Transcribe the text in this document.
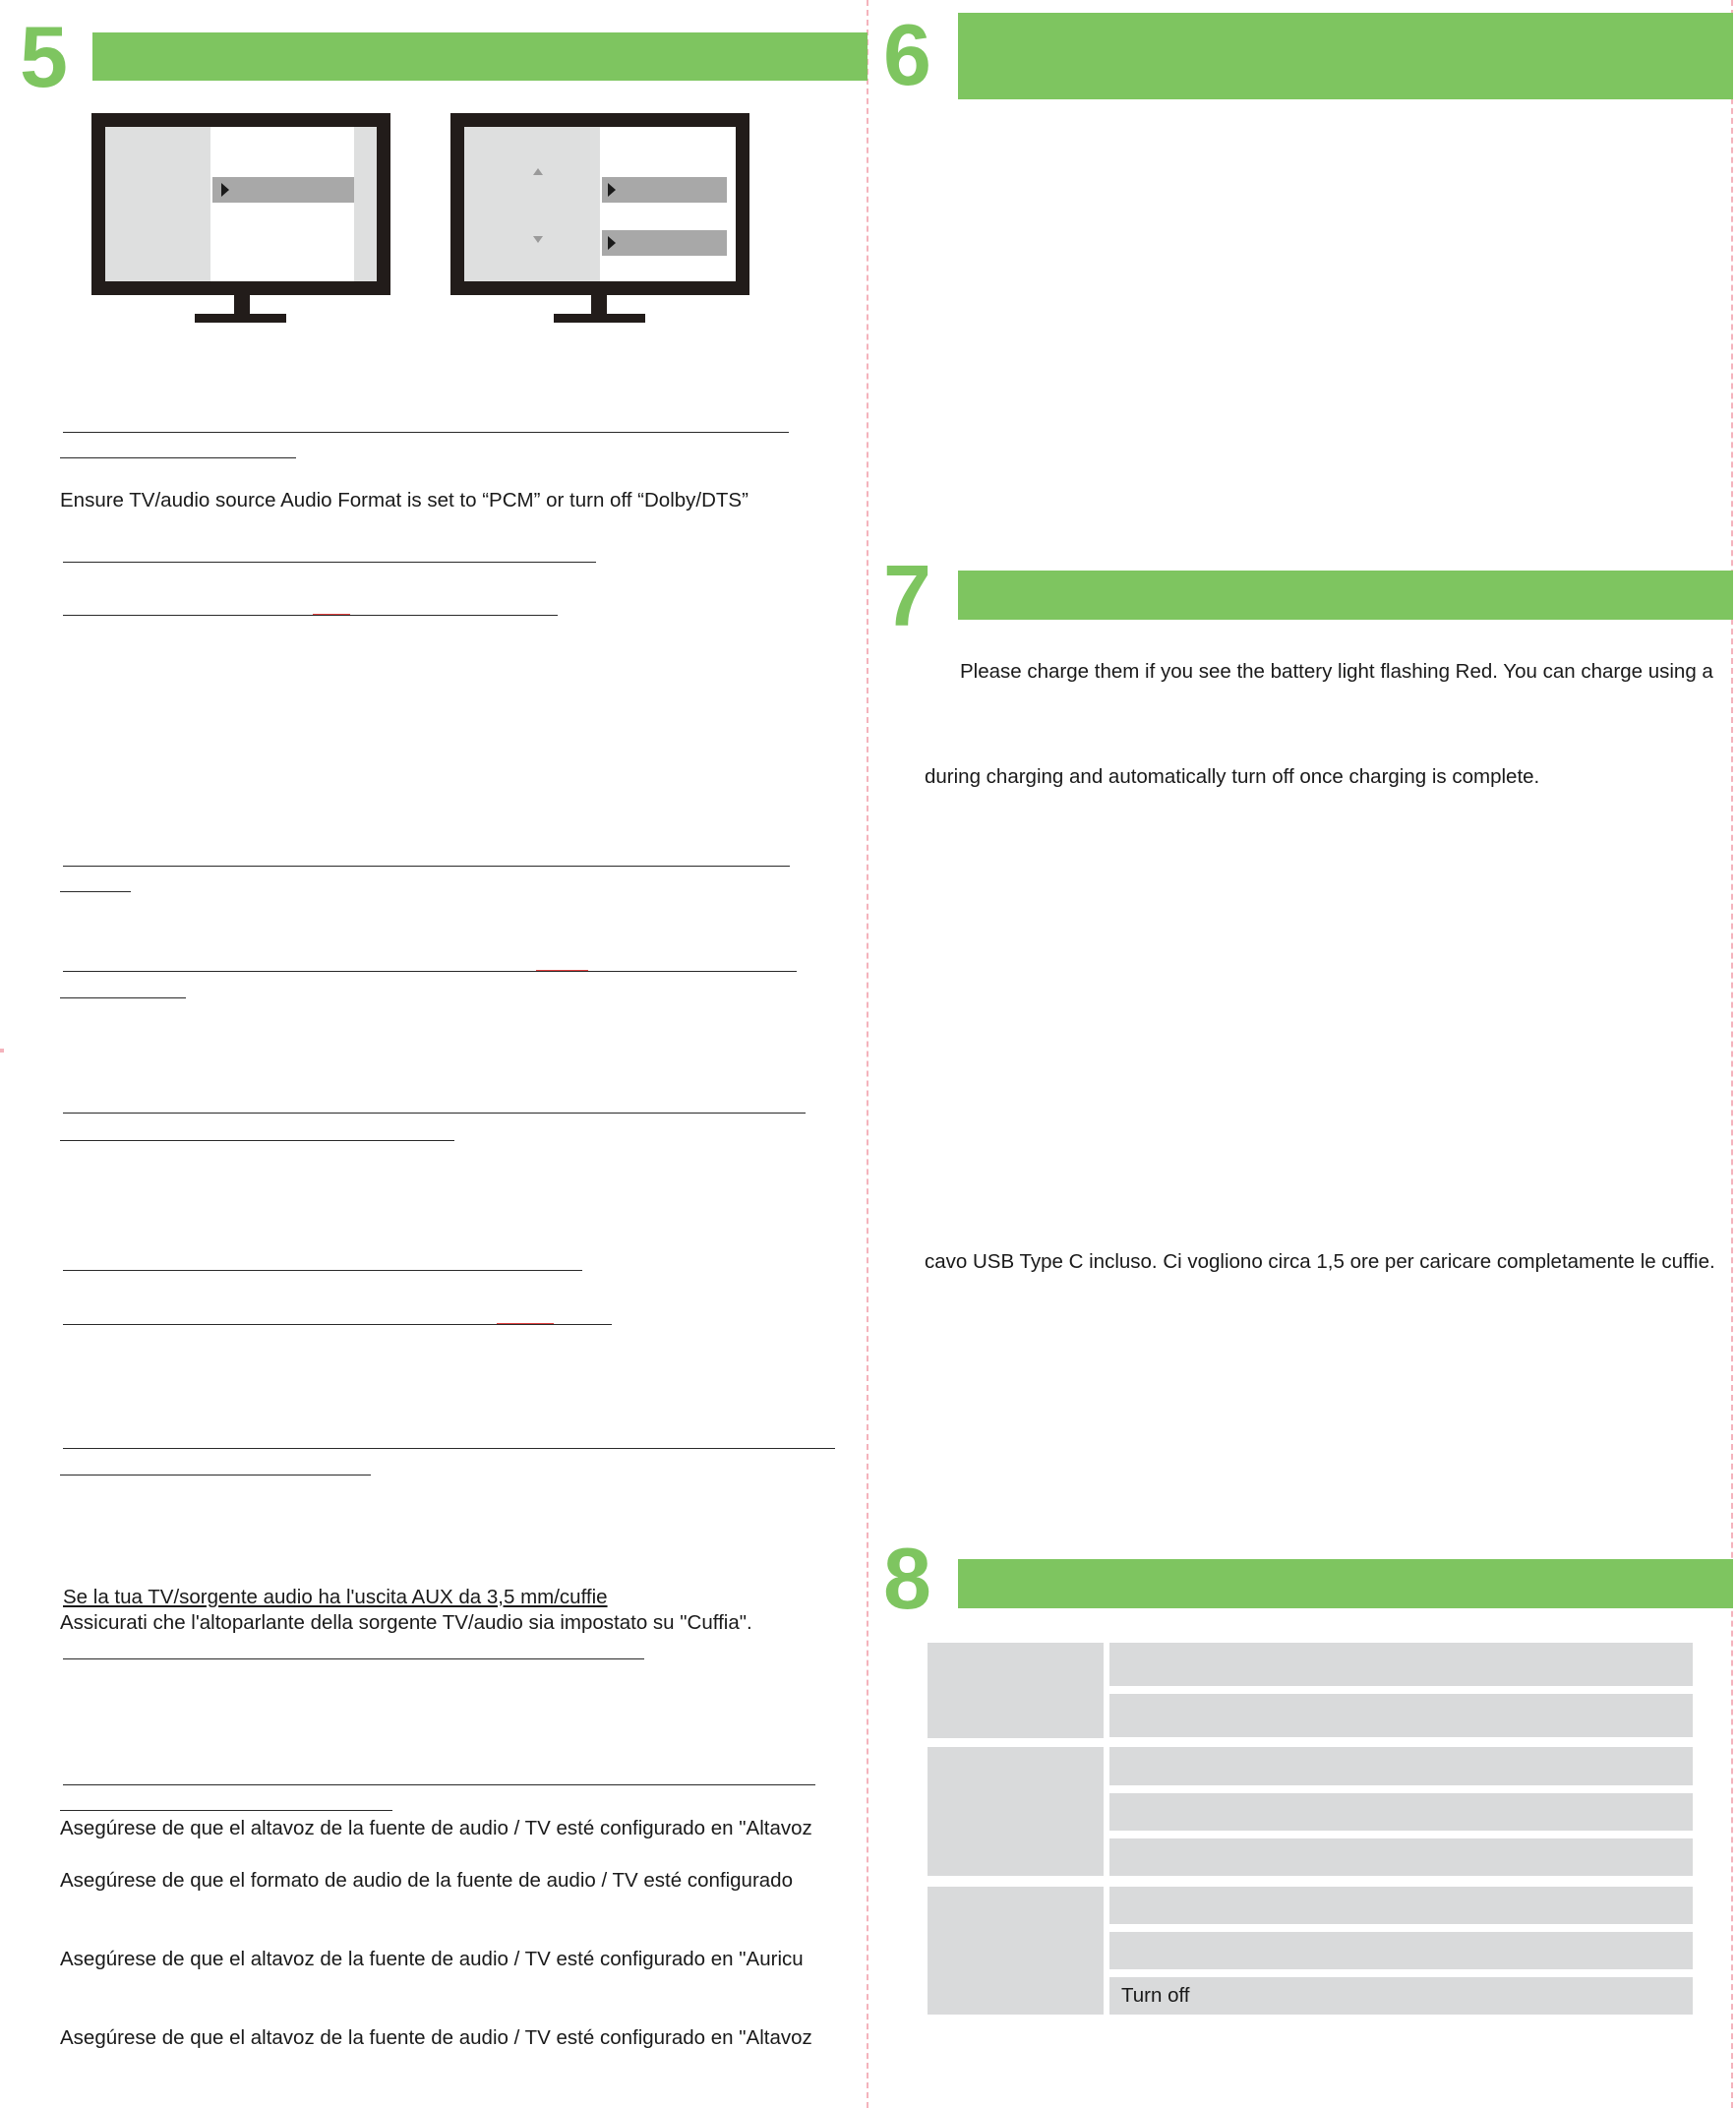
5
Ensure TV/audio source Audio Format is set to “PCM” or turn off “Dolby/DTS”
Se la tua TV/sorgente audio ha l'uscita AUX da 3,5 mm/cuffie
Assicurati che l'altoparlante della sorgente TV/audio sia impostato su "Cuffia".
Asegúrese de que el altavoz de la fuente de audio / TV esté configurado en "Altavoz
Asegúrese de que el formato de audio de la fuente de audio / TV esté configurado
Asegúrese de que el altavoz de la fuente de audio / TV esté configurado en "Auricu
Asegúrese de que el altavoz de la fuente de audio / TV esté configurado en "Altavoz
6
7
Please charge them if you see the battery light flashing Red. You can charge using a
during charging and automatically turn off once charging is complete.
cavo USB Type C incluso. Ci vogliono circa 1,5 ore per caricare completamente le cuffie.
8
Turn off
